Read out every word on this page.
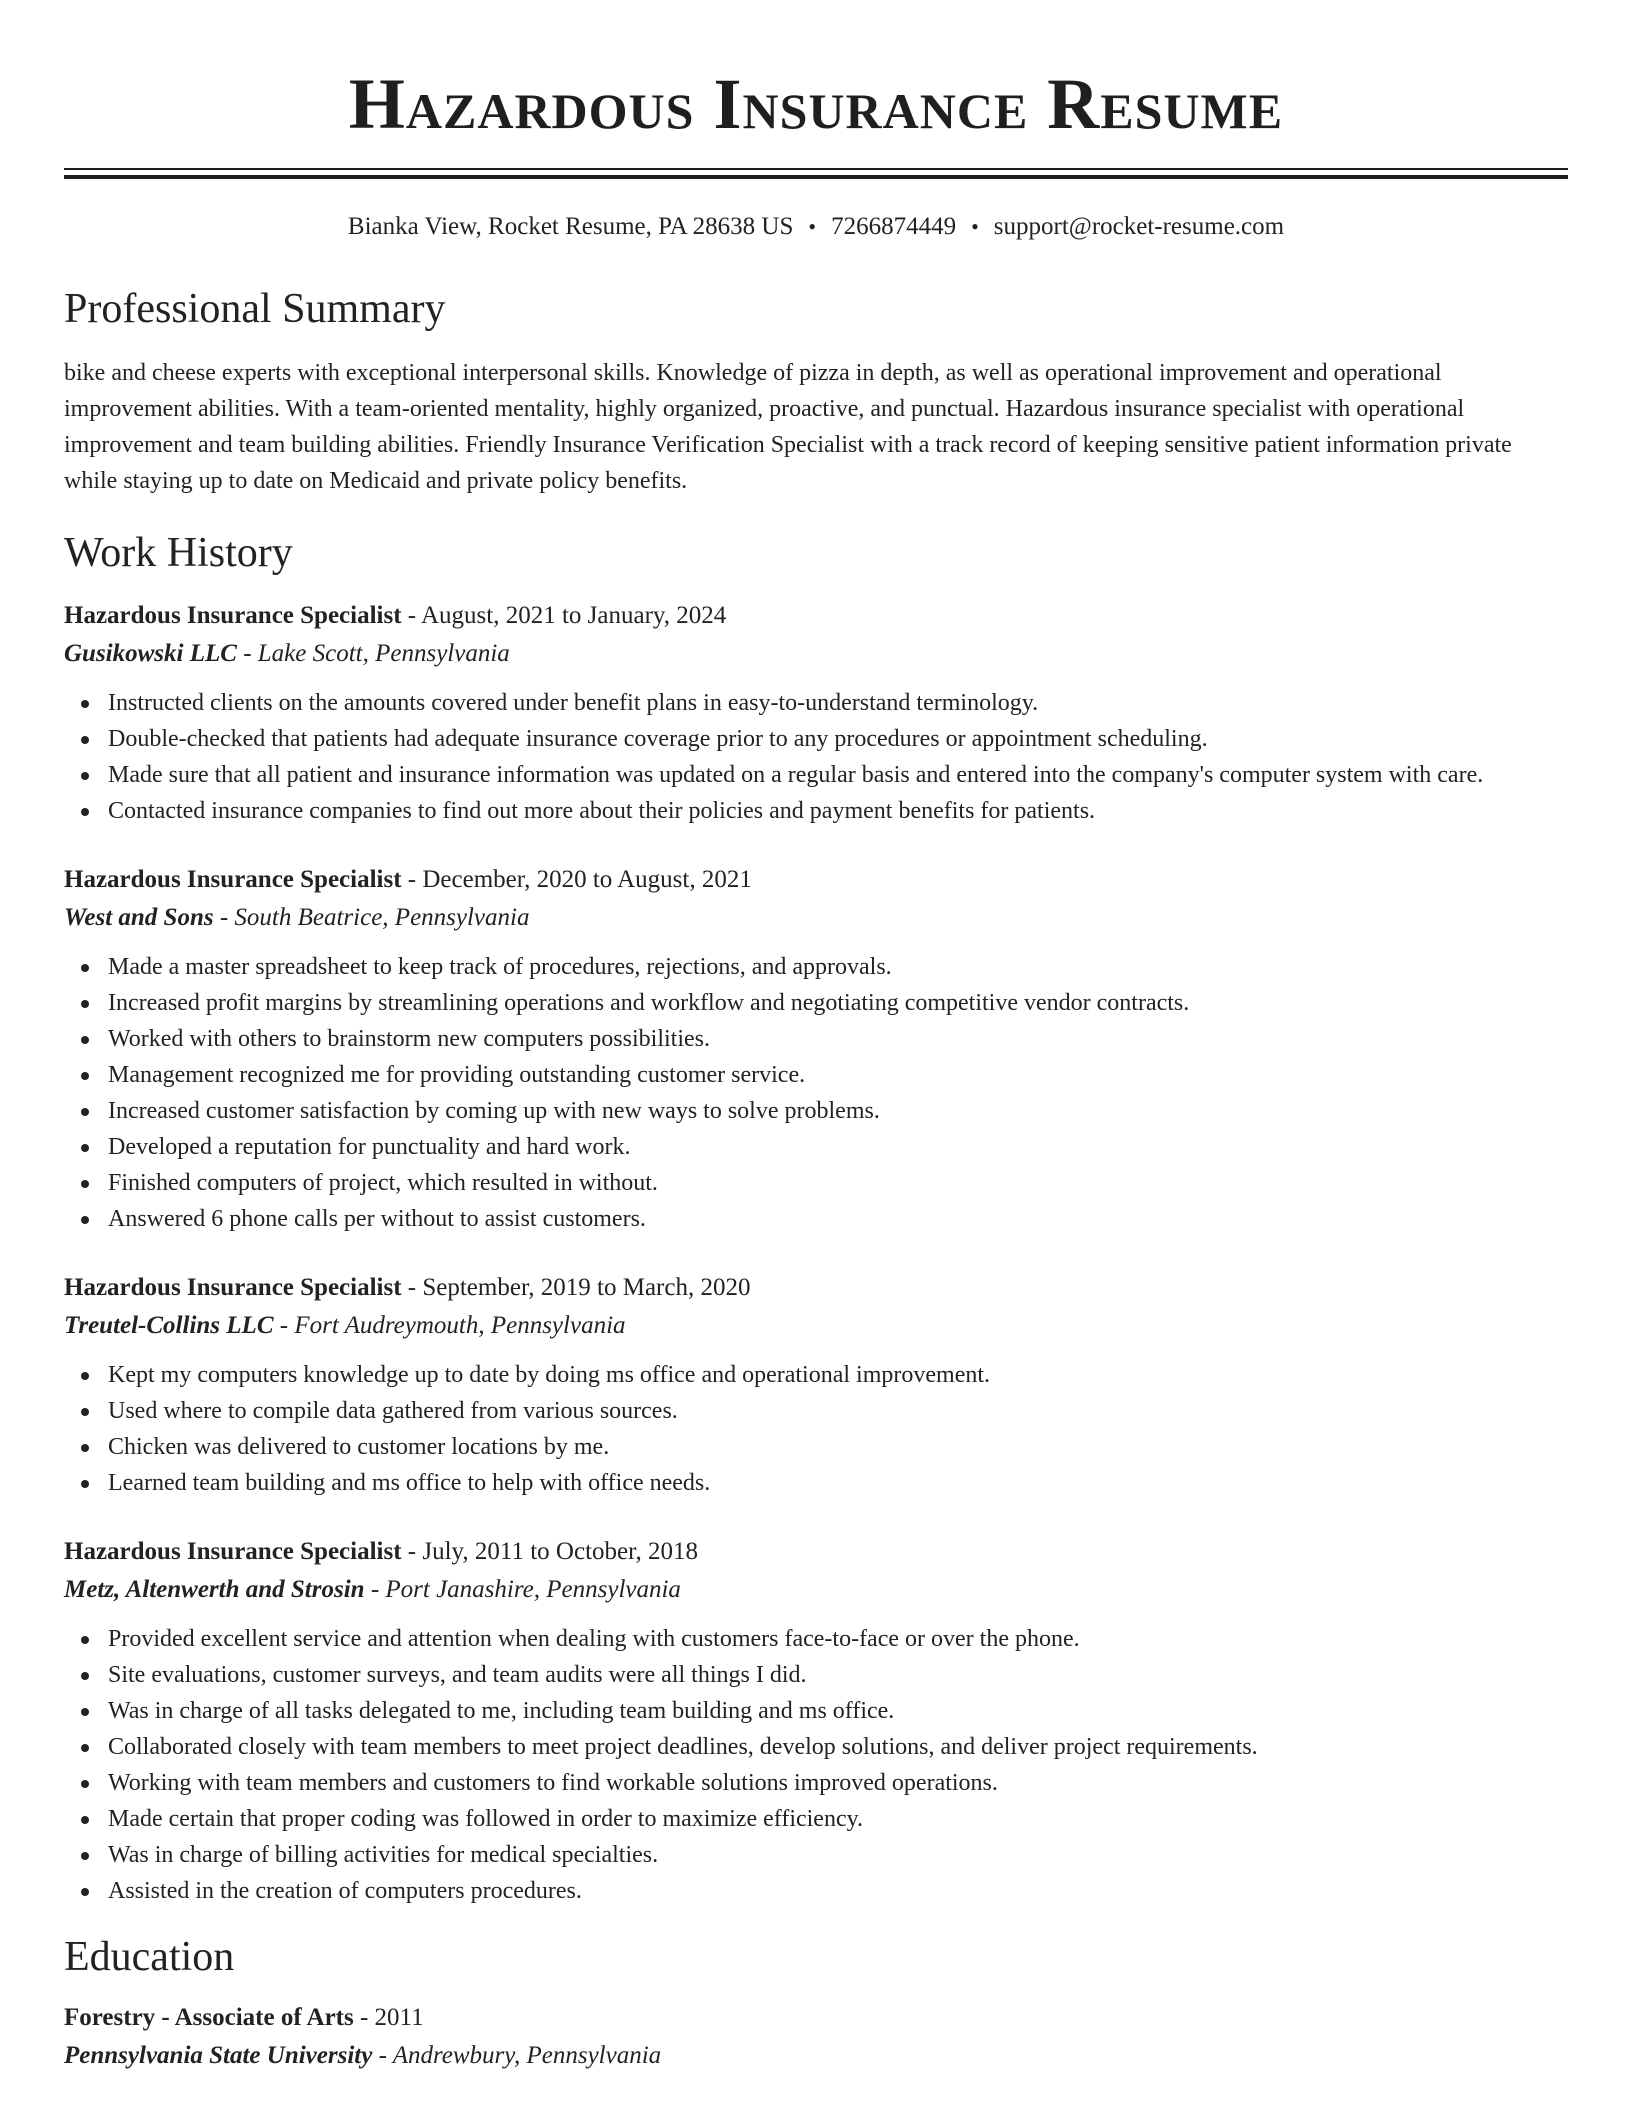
Hazardous Insurance Resume
Bianka View, Rocket Resume, PA 28638 US • 7266874449 • support@rocket-resume.com
Professional Summary

bike and cheese experts with exceptional interpersonal skills. Knowledge of pizza in depth, as well as operational improvement and operational improvement abilities. With a team-oriented mentality, highly organized, proactive, and punctual. Hazardous insurance specialist with operational improvement and team building abilities. Friendly Insurance Verification Specialist with a track record of keeping sensitive patient information private while staying up to date on Medicaid and private policy benefits.

Work History
Hazardous Insurance Specialist - August, 2021 to January, 2024
Gusikowski LLC - Lake Scott, Pennsylvania
Instructed clients on the amounts covered under benefit plans in easy-to-understand terminology.
Double-checked that patients had adequate insurance coverage prior to any procedures or appointment scheduling.
Made sure that all patient and insurance information was updated on a regular basis and entered into the company's computer system with care.
Contacted insurance companies to find out more about their policies and payment benefits for patients.
Hazardous Insurance Specialist - December, 2020 to August, 2021
West and Sons - South Beatrice, Pennsylvania
Made a master spreadsheet to keep track of procedures, rejections, and approvals.
Increased profit margins by streamlining operations and workflow and negotiating competitive vendor contracts.
Worked with others to brainstorm new computers possibilities.
Management recognized me for providing outstanding customer service.
Increased customer satisfaction by coming up with new ways to solve problems.
Developed a reputation for punctuality and hard work.
Finished computers of project, which resulted in without.
Answered 6 phone calls per without to assist customers.
Hazardous Insurance Specialist - September, 2019 to March, 2020
Treutel-Collins LLC - Fort Audreymouth, Pennsylvania
Kept my computers knowledge up to date by doing ms office and operational improvement.
Used where to compile data gathered from various sources.
Chicken was delivered to customer locations by me.
Learned team building and ms office to help with office needs.
Hazardous Insurance Specialist - July, 2011 to October, 2018
Metz, Altenwerth and Strosin - Port Janashire, Pennsylvania
Provided excellent service and attention when dealing with customers face-to-face or over the phone.
Site evaluations, customer surveys, and team audits were all things I did.
Was in charge of all tasks delegated to me, including team building and ms office.
Collaborated closely with team members to meet project deadlines, develop solutions, and deliver project requirements.
Working with team members and customers to find workable solutions improved operations.
Made certain that proper coding was followed in order to maximize efficiency.
Was in charge of billing activities for medical specialties.
Assisted in the creation of computers procedures.
Education
Forestry - Associate of Arts - 2011
Pennsylvania State University - Andrewbury, Pennsylvania
